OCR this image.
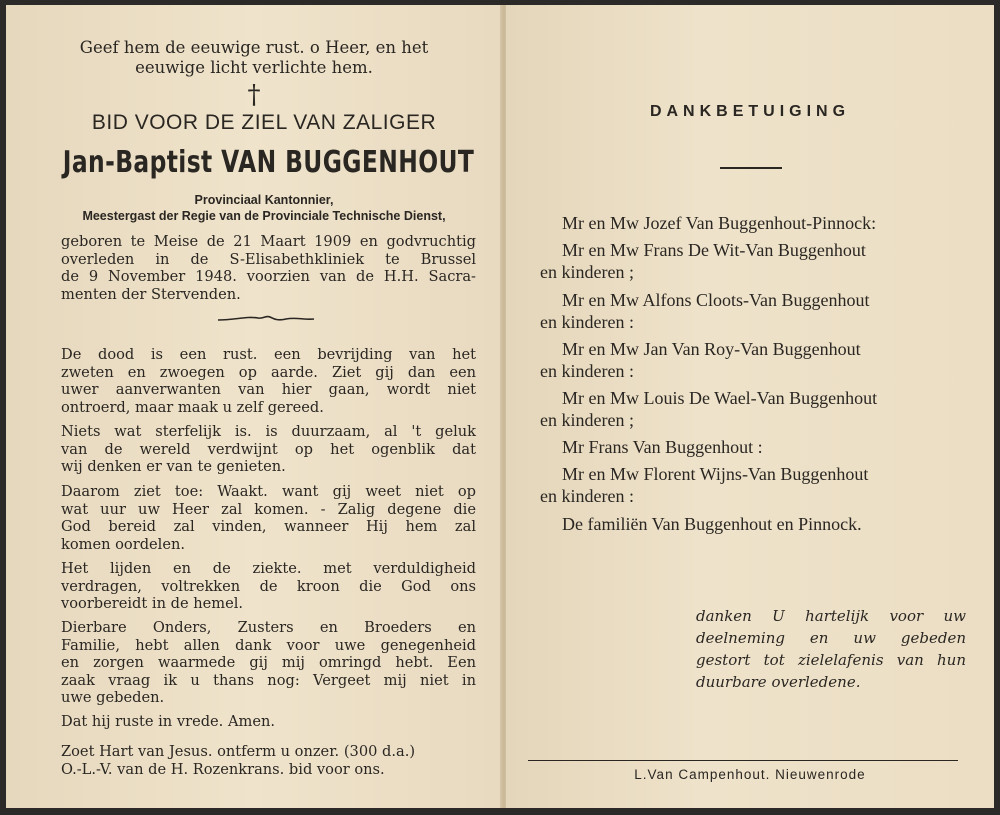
Geef hem de eeuwige rust. o Heer, en het
eeuwige licht verlichte hem.
†
BID VOOR DE ZIEL VAN ZALIGER
Jan-Baptist VAN BUGGENHOUT
Provinciaal Kantonnier,
Meestergast der Regie van de Provinciale Technische Dienst,
geboren te Meise de 21 Maart 1909 en godvruchtig
overleden in de S-Elisabethkliniek te Brussel
de 9 November 1948. voorzien van de H.H. Sacra-
menten der Stervenden.
De dood is een rust. een bevrijding van het
zweten en zwoegen op aarde. Ziet gij dan een
uwer aanverwanten van hier gaan, wordt niet
ontroerd, maar maak u zelf gereed.
Niets wat sterfelijk is. is duurzaam, al 't geluk
van de wereld verdwijnt op het ogenblik dat
wij denken er van te genieten.
Daarom ziet toe: Waakt. want gij weet niet op
wat uur uw Heer zal komen. - Zalig degene die
God bereid zal vinden, wanneer Hij hem zal
komen oordelen.
Het lijden en de ziekte. met verduldigheid
verdragen, voltrekken de kroon die God ons
voorbereidt in de hemel.
Dierbare Onders, Zusters en Broeders en
Familie, hebt allen dank voor uwe genegenheid
en zorgen waarmede gij mij omringd hebt. Een
zaak vraag ik u thans nog: Vergeet mij niet in
uwe gebeden.
Dat hij ruste in vrede. Amen.
Zoet Hart van Jesus. ontferm u onzer. (300 d.a.)
O.-L.-V. van de H. Rozenkrans. bid voor ons.
DANKBETUIGING
Mr en Mw Jozef Van Buggenhout-Pinnock:
Mr en Mw Frans De Wit-Van Buggenhout
en kinderen ;
Mr en Mw Alfons Cloots-Van Buggenhout
en kinderen :
Mr en Mw Jan Van Roy-Van Buggenhout
en kinderen :
Mr en Mw Louis De Wael-Van Buggenhout
en kinderen ;
Mr Frans Van Buggenhout :
Mr en Mw Florent Wijns-Van Buggenhout
en kinderen :
De familiën Van Buggenhout en Pinnock.
danken U hartelijk voor uw
deelneming en uw gebeden
gestort tot zielelafenis van hun
duurbare overledene.
L.Van Campenhout. Nieuwenrode
